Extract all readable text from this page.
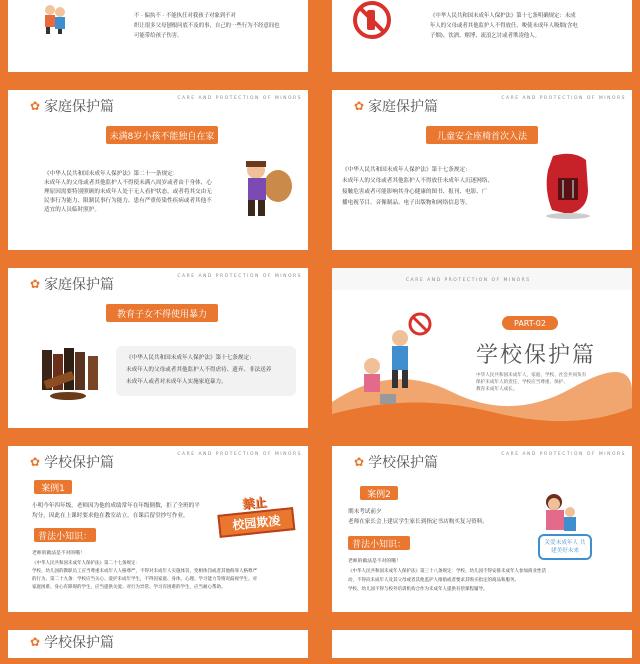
不 · 偏执不 · 不能执任对我孩子对象到不对
织让很多父母刨根问底不及的事，自己的一些行为不经意间也
可能带给孩子伤害。
《中华人民共和国未成年人保护法》第十七条明确规定：未成
年人的父母或者其他监护人不得放任、唆使未成年人吸烟(含电
子烟)、饮酒、赌博、流浪乞讨或者欺凌他人。
✿ 家庭保护篇
CARE AND PROTECTION OF MINORS
未满8岁小孩不能独自在家
《中华人民共和国未成年人保护法》第二十一条规定：
未成年人的父母或者其他监护人不得使未满八周岁或者由于身体、心
理原因需要特别照顾的未成年人处于无人看护状态，或者将其交由无
民事行为能力、限制民事行为能力、患有严重传染性疾病或者其他不
适宜的人员临时照护。
✿ 家庭保护篇
CARE AND PROTECTION OF MINORS
儿童安全座椅首次入法
《中华人民共和国未成年人保护法》第十七条规定：
未成年人的父母或者其他监护人不得放任未成年人沉迷网络、
接触危害或者可能影响其身心健康的图书、报刊、电影、广
播电视节目、音像制品、电子出版物和网络信息等。
✿ 家庭保护篇
CARE AND PROTECTION OF MINORS
教育子女不得使用暴力
《中华人民共和国未成年人保护法》第十七条规定：
未成年人的父母或者其他监护人不得虐待、遗弃、非法送养
未成年人或者对未成年人实施家庭暴力。
CARE AND PROTECTION OF MINORS
PART-02
学校保护篇
中华人民共和国未成年人，家庭、学校、社会共同负有
保护未成年人的责任，学校应当尊重、保护、
教育未成年人成长。
✿ 学校保护篇
CARE AND PROTECTION OF MINORS
案例1
小明今年四年级，老师因为他的成绩常年在年级倒数，拒了全班的平
均分，因此在上课时要求他在教室站立，在课后留堂抄写作业。
普法小知识：
老师的做法是不对的哦！
《中华人民共和国未成年人保护法》第二十七条规定：
学校、幼儿园的教职员工应当尊重未成年人人格尊严，不得对未成年人实施体罚、变相体罚或者其他侮辱人格尊严
的行为。第二十九条：学校应当关心、爱护未成年学生，不得因家庭、身体、心理、学习能力等情况歧视学生。对
家庭困难、身心有障碍的学生，应当提供关爱；对行为异常、学习有困难的学生，应当耐心帮助。
禁止
校园欺凌
✿ 学校保护篇
CARE AND PROTECTION OF MINORS
案例2
期末考试前夕
老师在家长会上建议学生家长到指定书店购买复习资料。
普法小知识：
老师的做法是不对的哦！
《中华人民共和国未成年人保护法》第三十八条规定：学校、幼儿园不得安排未成年人参加商业性活
动，不得向未成年人及其父母或者其他监护人推销或者要求其购买指定的商品和服务。
学校、幼儿园不得与校外培训机构合作为未成年人提供有偿课程辅导。
关爱未成年人 共建美好未来
✿ 学校保护篇
